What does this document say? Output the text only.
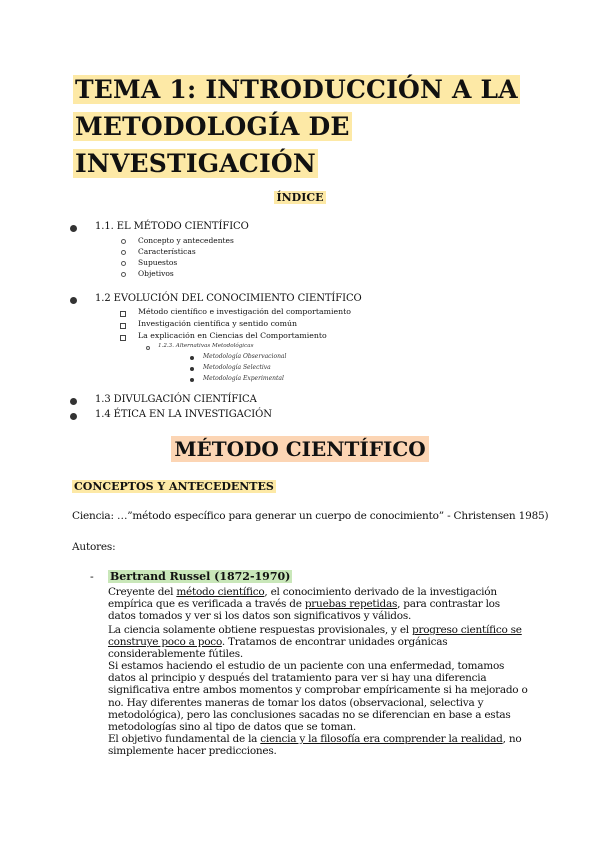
TEMA 1: INTRODUCCIÓN A LA
METODOLOGÍA DE
INVESTIGACIÓN
ÍNDICE
1.1. EL MÉTODO CIENTÍFICO
Concepto y antecedentes
Características
Supuestos
Objetivos
1.2 EVOLUCIÓN DEL CONOCIMIENTO CIENTÍFICO
Método científico e investigación del comportamiento
Investigación científica y sentido común
La explicación en Ciencias del Comportamiento
1.2.3. Alternativas Metodológicas
Metodología Observacional
Metodología Selectiva
Metodología Experimental
1.3 DIVULGACIÓN CIENTÍFICA
1.4 ÉTICA EN LA INVESTIGACIÓN
MÉTODO CIENTÍFICO
CONCEPTOS Y ANTECEDENTES
Ciencia: …”método específico para generar un cuerpo de conocimiento” - Christensen 1985)
Autores:
- Bertrand Russel (1872-1970)
Creyente del método científico, el conocimiento derivado de la investigación empírica que es verificada a través de pruebas repetidas, para contrastar los datos tomados y ver si los datos son significativos y válidos.
La ciencia solamente obtiene respuestas provisionales, y el progreso científico se construye poco a poco. Tratamos de encontrar unidades orgánicas considerablemente fútiles.
Si estamos haciendo el estudio de un paciente con una enfermedad, tomamos datos al principio y después del tratamiento para ver si hay una diferencia significativa entre ambos momentos y comprobar empíricamente si ha mejorado o no. Hay diferentes maneras de tomar los datos (observacional, selectiva y metodológica), pero las conclusiones sacadas no se diferencian en base a estas metodologías sino al tipo de datos que se toman.
El objetivo fundamental de la ciencia y la filosofía era comprender la realidad, no simplemente hacer predicciones.
